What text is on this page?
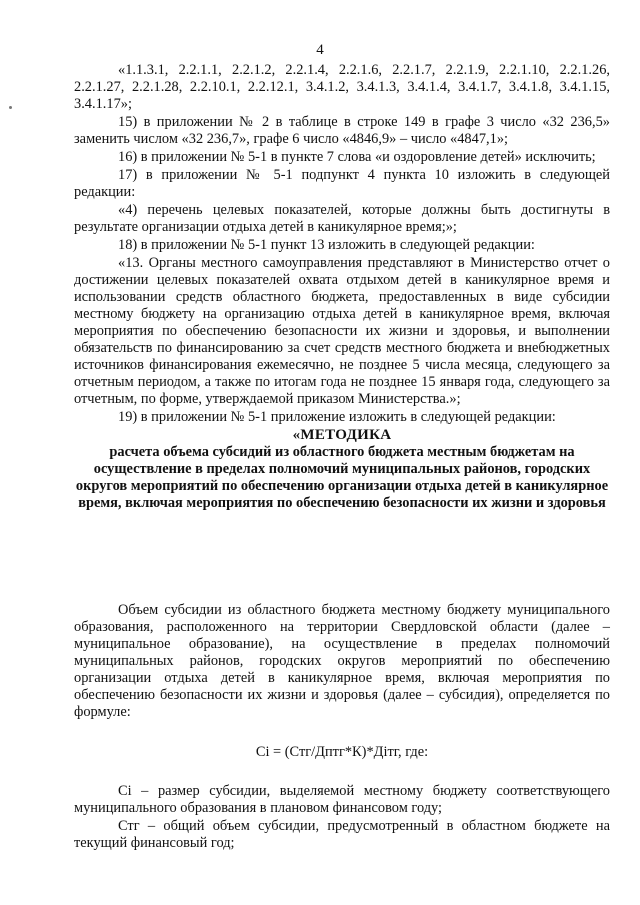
4

«1.1.3.1, 2.2.1.1, 2.2.1.2, 2.2.1.4, 2.2.1.6, 2.2.1.7, 2.2.1.9, 2.2.1.10, 2.2.1.26, 2.2.1.27, 2.2.1.28, 2.2.10.1, 2.2.12.1, 3.4.1.2, 3.4.1.3, 3.4.1.4, 3.4.1.7, 3.4.1.8, 3.4.1.15, 3.4.1.17»;

15) в приложении № 2 в таблице в строке 149 в графе 3 число «32 236,5» заменить числом «32 236,7», графе 6 число «4846,9» – число «4847,1»;

16) в приложении № 5-1 в пункте 7 слова «и оздоровление детей» исключить;

17) в приложении № 5-1 подпункт 4 пункта 10 изложить в следующей редакции:

«4) перечень целевых показателей, которые должны быть достигнуты в результате организации отдыха детей в каникулярное время;»;

18) в приложении № 5-1 пункт 13 изложить в следующей редакции:

«13. Органы местного самоуправления представляют в Министерство отчет о достижении целевых показателей охвата отдыхом детей в каникулярное время и использовании средств областного бюджета, предоставленных в виде субсидии местному бюджету на организацию отдыха детей в каникулярное время, включая мероприятия по обеспечению безопасности их жизни и здоровья, и выполнении обязательств по финансированию за счет средств местного бюджета и внебюджетных источников финансирования ежемесячно, не позднее 5 числа месяца, следующего за отчетным периодом, а также по итогам года не позднее 15 января года, следующего за отчетным, по форме, утверждаемой приказом Министерства.»;

19) в приложении № 5-1 приложение изложить в следующей редакции:

«МЕТОДИКА

расчета объема субсидий из областного бюджета местным бюджетам на осуществление в пределах полномочий муниципальных районов, городских округов мероприятий по обеспечению организации отдыха детей в каникулярное время, включая мероприятия по обеспечению безопасности их жизни и здоровья

Объем субсидии из областного бюджета местному бюджету муниципального образования, расположенного на территории Свердловской области (далее – муниципальное образование), на осуществление в пределах полномочий муниципальных районов, городских округов мероприятий по обеспечению организации отдыха детей в каникулярное время, включая мероприятия по обеспечению безопасности их жизни и здоровья (далее – субсидия), определяется по формуле:

Сi = (Стг/Дптг*К)*Дiтг, где:

Сi – размер субсидии, выделяемой местному бюджету соответствующего муниципального образования в плановом финансовом году;

Стг – общий объем субсидии, предусмотренный в областном бюджете на текущий финансовый год;
